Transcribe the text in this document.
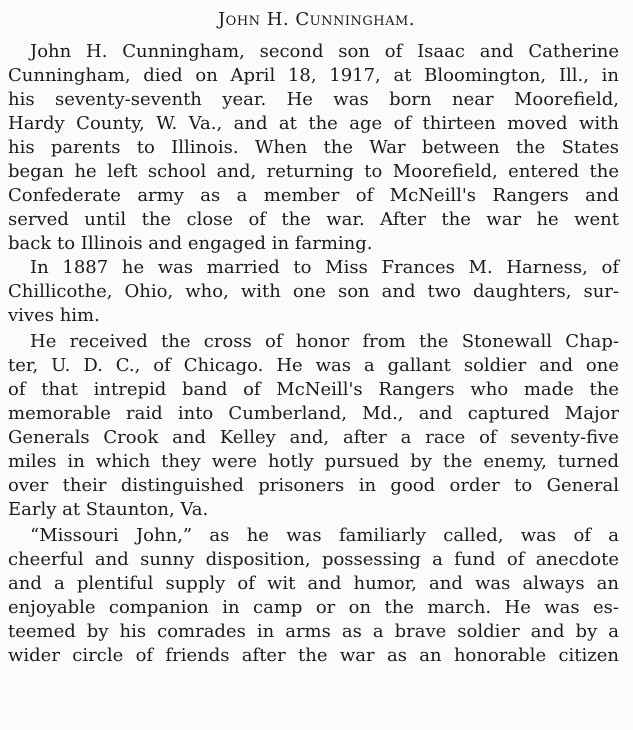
John H. Cunningham.
John H. Cunningham, second son of Isaac and Catherine
Cunningham, died on April 18, 1917, at Bloomington, Ill., in
his seventy-seventh year. He was born near Moorefield,
Hardy County, W. Va., and at the age of thirteen moved with
his parents to Illinois. When the War between the States
began he left school and, returning to Moorefield, entered the
Confederate army as a member of McNeill's Rangers and
served until the close of the war. After the war he went
back to Illinois and engaged in farming.
In 1887 he was married to Miss Frances M. Harness, of
Chillicothe, Ohio, who, with one son and two daughters, sur-
vives him.
He received the cross of honor from the Stonewall Chap-
ter, U. D. C., of Chicago. He was a gallant soldier and one
of that intrepid band of McNeill's Rangers who made the
memorable raid into Cumberland, Md., and captured Major
Generals Crook and Kelley and, after a race of seventy-five
miles in which they were hotly pursued by the enemy, turned
over their distinguished prisoners in good order to General
Early at Staunton, Va.
“Missouri John,” as he was familiarly called, was of a
cheerful and sunny disposition, possessing a fund of anecdote
and a plentiful supply of wit and humor, and was always an
enjoyable companion in camp or on the march. He was es-
teemed by his comrades in arms as a brave soldier and by a
wider circle of friends after the war as an honorable citizen
